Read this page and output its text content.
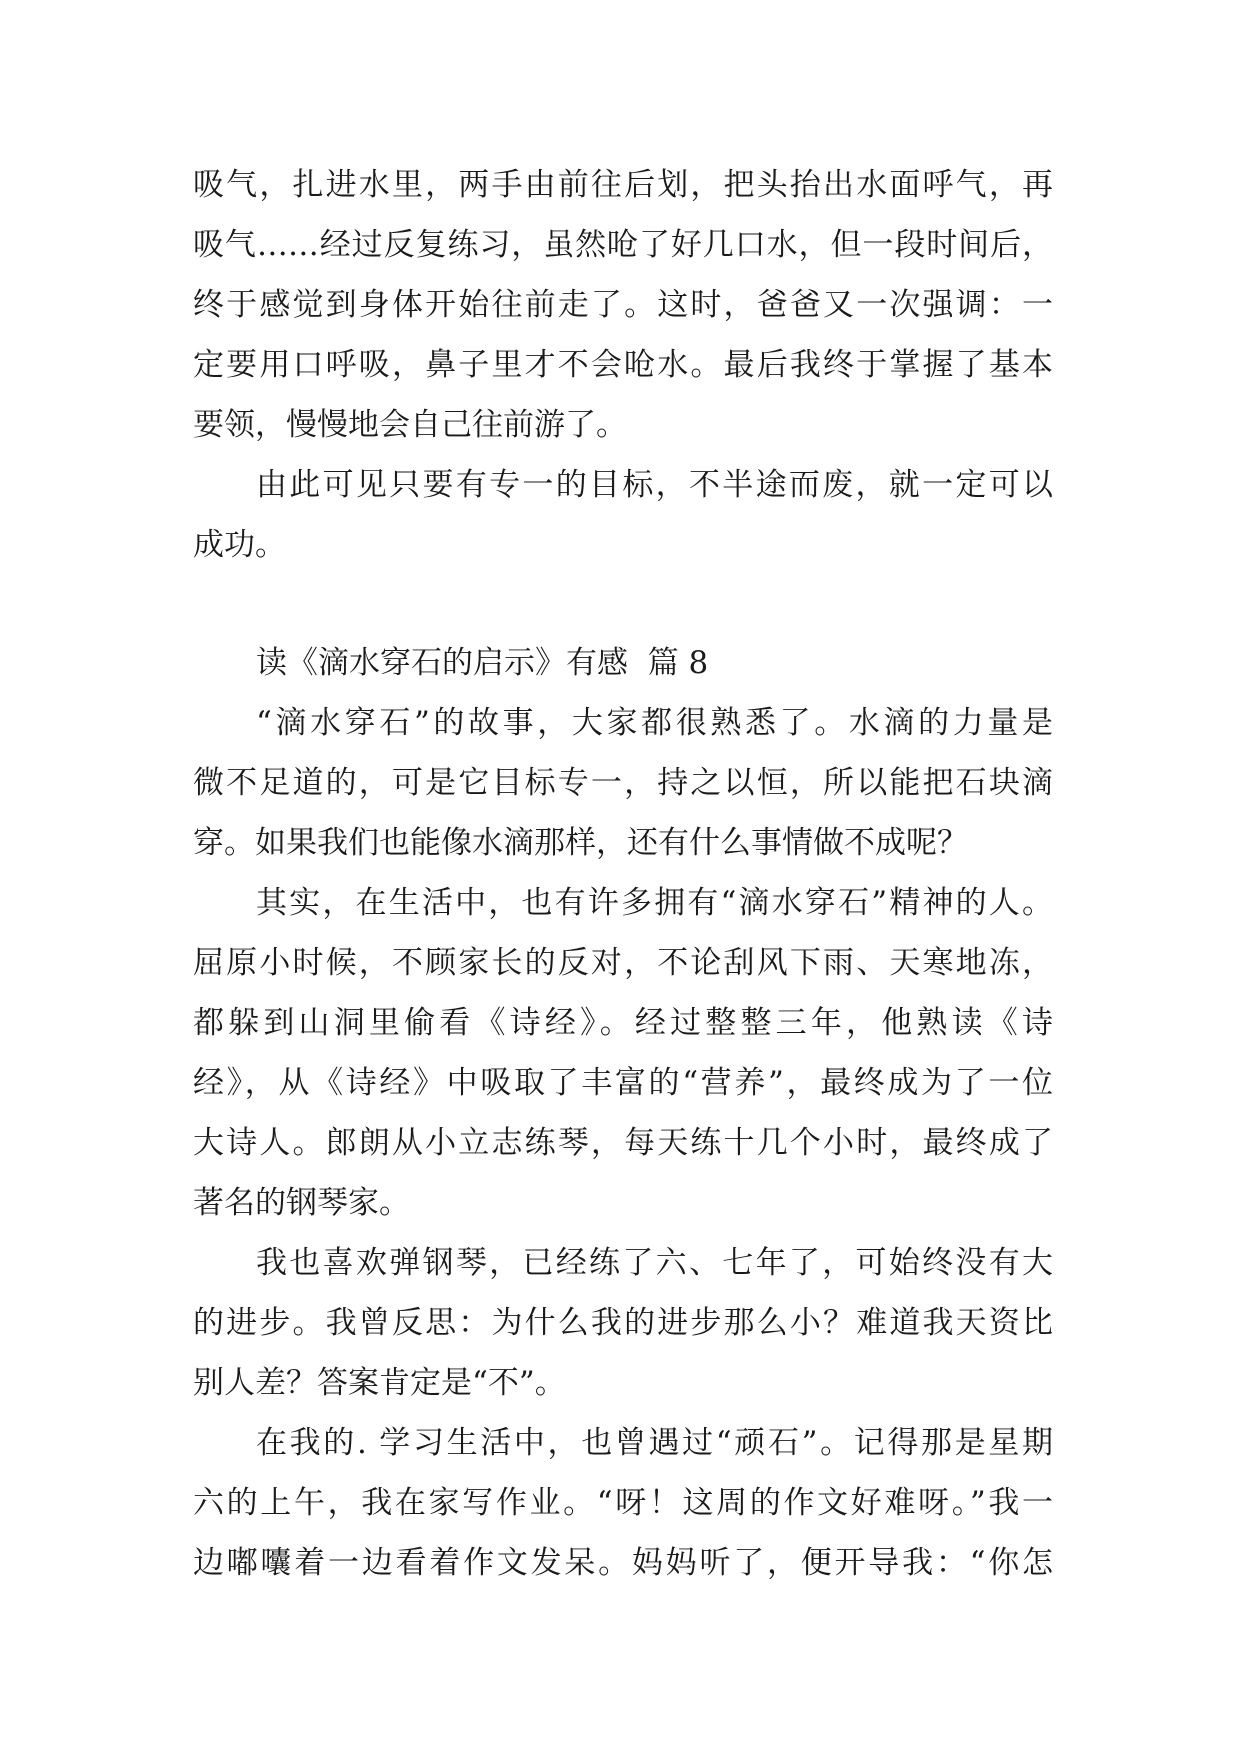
吸气，扎进水里，两手由前往后划，把头抬出水面呼气，再
吸气……经过反复练习，虽然呛了好几口水，但一段时间后，
终于感觉到身体开始往前走了。这时，爸爸又一次强调：一
定要用口呼吸，鼻子里才不会呛水。最后我终于掌握了基本
要领，慢慢地会自己往前游了。
由此可见只要有专一的目标，不半途而废，就一定可以
成功。
读《滴水穿石的启示》有感  篇 8
“滴水穿石”的故事，大家都很熟悉了。水滴的力量是
微不足道的，可是它目标专一，持之以恒，所以能把石块滴
穿。如果我们也能像水滴那样，还有什么事情做不成呢？
其实，在生活中，也有许多拥有“滴水穿石”精神的人。
屈原小时候，不顾家长的反对，不论刮风下雨、天寒地冻，
都躲到山洞里偷看《诗经》。经过整整三年，他熟读《诗
经》，从《诗经》中吸取了丰富的“营养”，最终成为了一位
大诗人。郎朗从小立志练琴，每天练十几个小时，最终成了
著名的钢琴家。
我也喜欢弹钢琴，已经练了六、七年了，可始终没有大
的进步。我曾反思：为什么我的进步那么小？难道我天资比
别人差？答案肯定是“不”。
在我的. 学习生活中，也曾遇过“顽石”。记得那是星期
六的上午，我在家写作业。“呀！这周的作文好难呀。”我一
边嘟囔着一边看着作文发呆。妈妈听了，便开导我：“你怎
